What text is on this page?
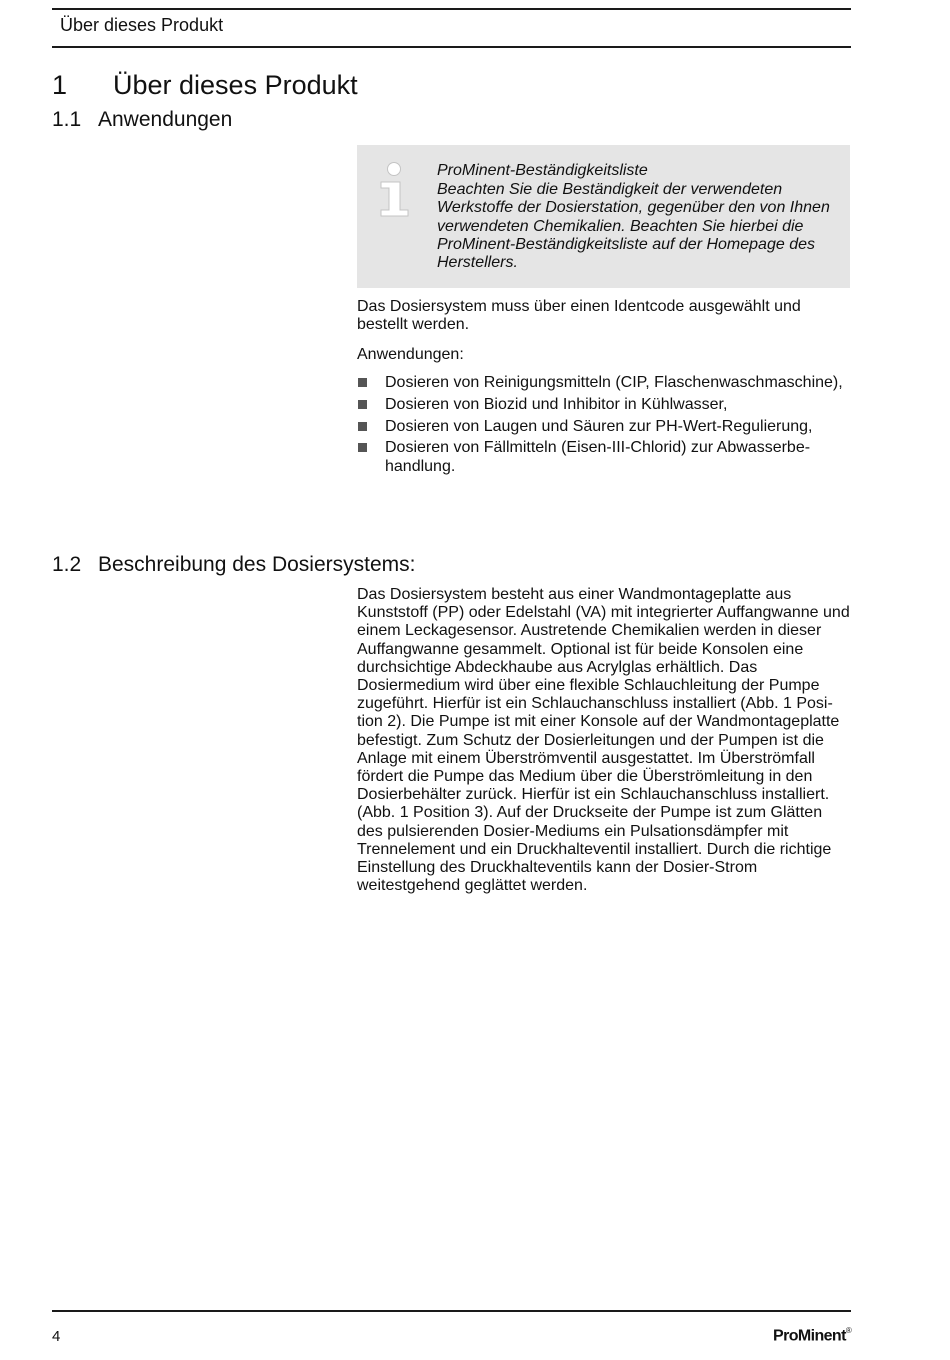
Über dieses Produkt
1 Über dieses Produkt
1.1 Anwendungen
ProMinent-Beständigkeitsliste
Beachten Sie die Beständigkeit der verwendeten Werkstoffe der Dosierstation, gegenüber den von Ihnen verwendeten Chemikalien. Beachten Sie hierbei die ProMinent-Beständigkeitsliste auf der Homepage des Herstellers.
Das Dosiersystem muss über einen Identcode ausgewählt und bestellt werden.
Anwendungen:
Dosieren von Reinigungsmitteln (CIP, Flaschenwaschmaschine),
Dosieren von Biozid und Inhibitor in Kühlwasser,
Dosieren von Laugen und Säuren zur PH-Wert-Regulierung,
Dosieren von Fällmitteln (Eisen-III-Chlorid) zur Abwasserbehandlung.
1.2 Beschreibung des Dosiersystems:
Das Dosiersystem besteht aus einer Wandmontageplatte aus Kunststoff (PP) oder Edelstahl (VA) mit integrierter Auffangwanne und einem Leckagesensor. Austretende Chemikalien werden in dieser Auffangwanne gesammelt. Optional ist für beide Konsolen eine durchsichtige Abdeckhaube aus Acrylglas erhältlich. Das Dosiermedium wird über eine flexible Schlauchleitung der Pumpe zugeführt. Hierfür ist ein Schlauchanschluss installiert (Abb. 1 Position 2). Die Pumpe ist mit einer Konsole auf der Wandmontageplatte befestigt. Zum Schutz der Dosierleitungen und der Pumpen ist die Anlage mit einem Überströmventil ausgestattet. Im Überströmfall fördert die Pumpe das Medium über die Überströmleitung in den Dosierbehälter zurück. Hierfür ist ein Schlauchanschluss installiert. (Abb. 1 Position 3). Auf der Druckseite der Pumpe ist zum Glätten des pulsierenden Dosier-Mediums ein Pulsationsdämpfer mit Trennelement und ein Druckhalteventil installiert. Durch die richtige Einstellung des Druckhalteventils kann der Dosier-Strom weitestgehend geglättet werden.
4	ProMinent®
